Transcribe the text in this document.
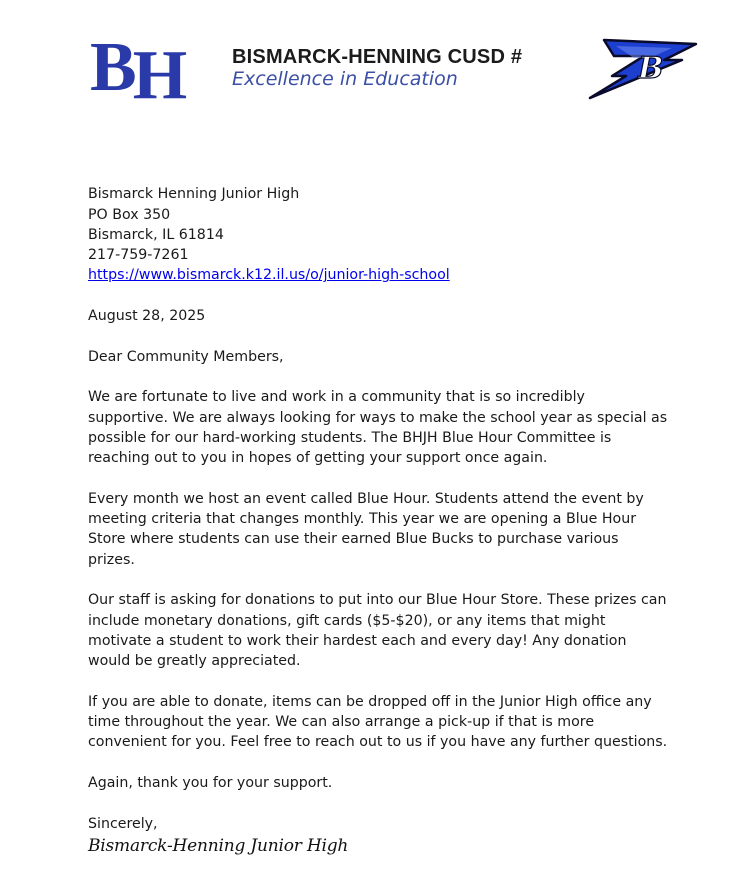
BH	BISMARCK-HENNING CUSD #
Excellence in Education	B

Bismarck Henning Junior High
PO Box 350
Bismarck, IL 61814
217-759-7261
https://www.bismarck.k12.il.us/o/junior-high-school

August 28, 2025

Dear Community Members,

We are fortunate to live and work in a community that is so incredibly supportive. We are always looking for ways to make the school year as special as possible for our hard-working students. The BHJH Blue Hour Committee is reaching out to you in hopes of getting your support once again.

Every month we host an event called Blue Hour. Students attend the event by meeting criteria that changes monthly. This year we are opening a Blue Hour Store where students can use their earned Blue Bucks to purchase various prizes.

Our staff is asking for donations to put into our Blue Hour Store. These prizes can include monetary donations, gift cards ($5-$20), or any items that might motivate a student to work their hardest each and every day! Any donation would be greatly appreciated.

If you are able to donate, items can be dropped off in the Junior High office any time throughout the year. We can also arrange a pick-up if that is more convenient for you. Feel free to reach out to us if you have any further questions.

Again, thank you for your support.

Sincerely,

Bismarck-Henning Junior High
